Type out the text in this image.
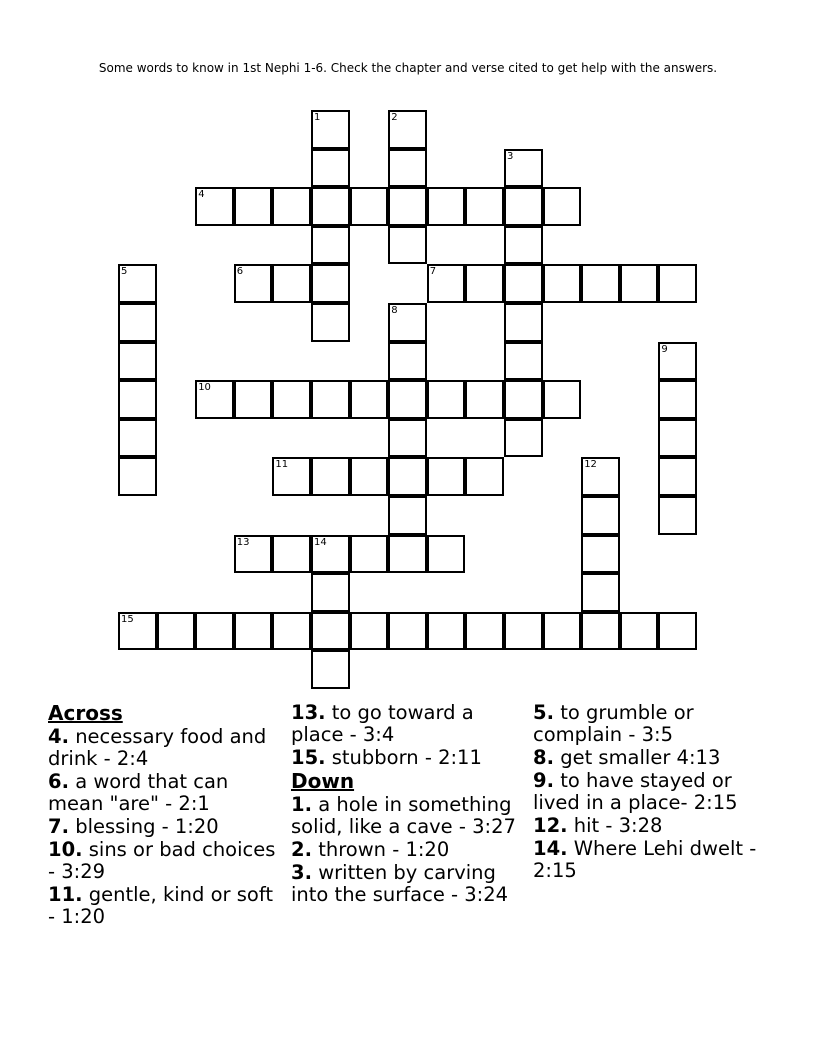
Some words to know in 1st Nephi 1-6. Check the chapter and verse cited to get help with the answers.
1	2
3
4
5	6	7
8
9
10
11	12
13	14
15
Across
4. necessary food and drink - 2:4
6. a word that can mean "are" - 2:1
7. blessing - 1:20
10. sins or bad choices - 3:29
11. gentle, kind or soft - 1:20
13. to go toward a place - 3:4
15. stubborn - 2:11
Down
1. a hole in something solid, like a cave - 3:27
2. thrown - 1:20
3. written by carving into the surface - 3:24
5. to grumble or complain - 3:5
8. get smaller 4:13
9. to have stayed or lived in a place- 2:15
12. hit - 3:28
14. Where Lehi dwelt - 2:15
